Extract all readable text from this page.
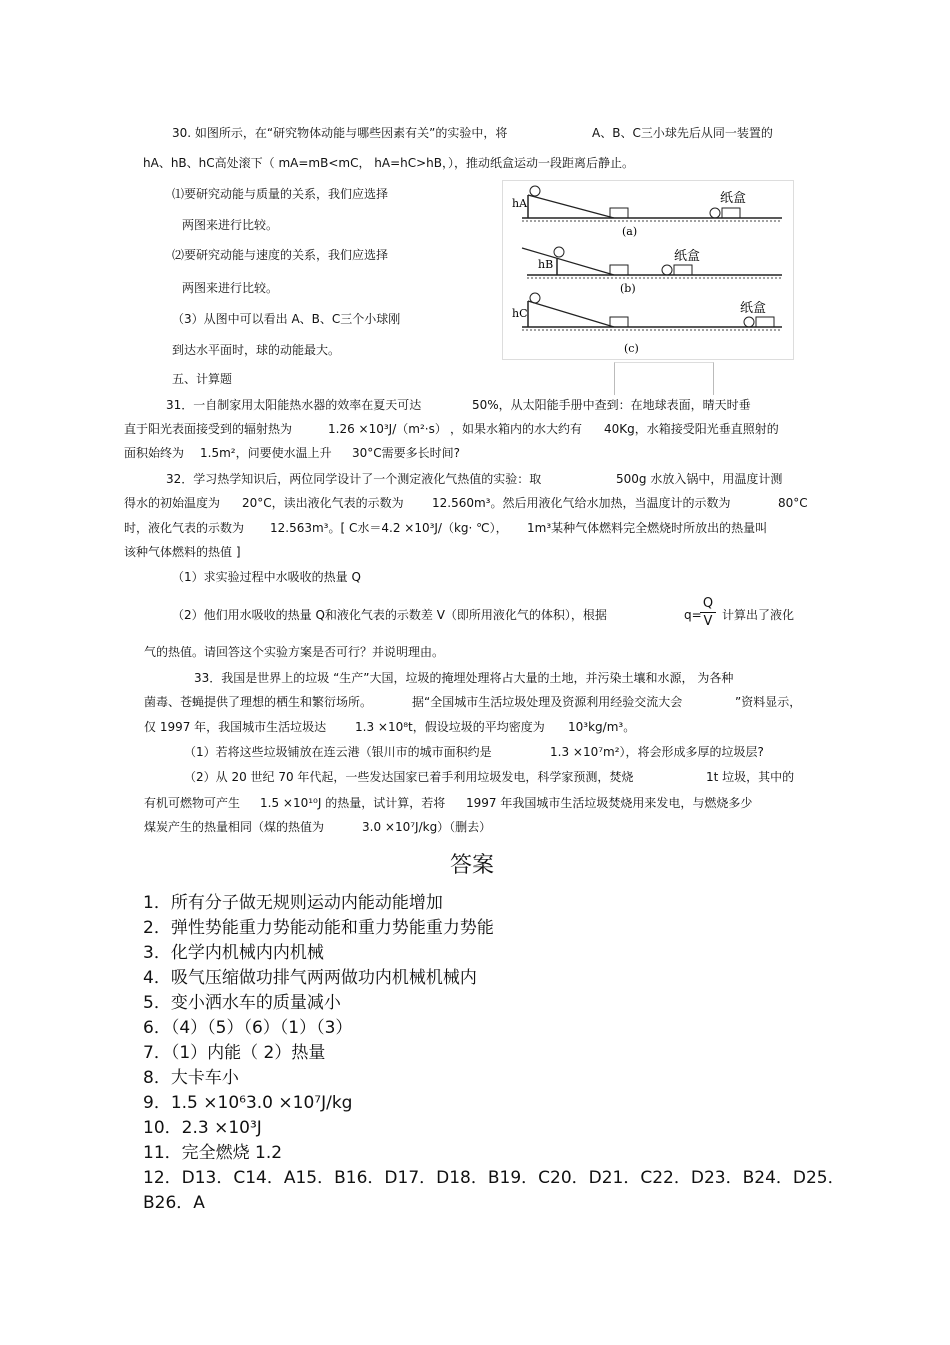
30. 如图所示，在“研究物体动能与哪些因素有关”的实验中，将	A、B、C三小球先后从同一装置的
hA、hB、hC高处滚下（ mA=mB<mC， hA=hC>hB，），推动纸盒运动一段距离后静止。
⑴要研究动能与质量的关系，我们应选择
两图来进行比较。
⑵要研究动能与速度的关系，我们应选择
两图来进行比较。
（3）从图中可以看出 A、B、C三个小球刚
到达水平面时，球的动能最大。
hA	纸盒
(a)
hB
纸盒
(b)
hC	纸盒
(c)
五、计算题
31．一自制家用太阳能热水器的效率在夏天可达	50%，从太阳能手册中查到：在地球表面，晴天时垂
直于阳光表面接受到的辐射热为	1.26 ×10³J/（m²·s） ，如果水箱内的水大约有 40Kg，水箱接受阳光垂直照射的
面积始终为 1.5m²，问要使水温上升 30°C需要多长时间?
32．学习热学知识后，两位同学设计了一个测定液化气热值的实验：取	500g 水放入锅中，用温度计测
得水的初始温度为 20°C，读出液化气表的示数为 12.560m³。然后用液化气给水加热，当温度计的示数为	80°C
时，液化气表的示数为 12.563m³。[ C水＝4.2 ×10³J/（kg· ℃）， 1m³某种气体燃料完全燃烧时所放出的热量叫
该种气体燃料的热值 ]
（1）求实验过程中水吸收的热量 Q
（2）他们用水吸收的热量 Q和液化气表的示数差 V（即所用液化气的体积），根据	q=
Q
V 计算出了液化
气的热值。请回答这个实验方案是否可行？并说明理由。
33．我国是世界上的垃圾 “生产”大国，垃圾的掩埋处理将占大量的土地，并污染土壤和水源， 为各种
菌毒、苍蝇提供了理想的栖生和繁衍场所。	据“全国城市生活垃圾处理及资源利用经验交流大会	”资料显示，
仅 1997 年，我国城市生活垃圾达 1.3 ×10⁸t，假设垃圾的平均密度为 10³kg/m³。
（1）若将这些垃圾铺放在连云港（银川市的城市面积约是	1.3 ×10⁷m²），将会形成多厚的垃圾层?
（2）从 20 世纪 70 年代起，一些发达国家已着手利用垃圾发电，科学家预测，焚烧	1t 垃圾，其中的
有机可燃物可产生 1.5 ×10¹⁰J 的热量，试计算，若将 1997 年我国城市生活垃圾焚烧用来发电，与燃烧多少
煤炭产生的热量相同（煤的热值为	3.0 ×10⁷J/kg）（删去）
答案
1．所有分子做无规则运动内能动能增加
2．弹性势能重力势能动能和重力势能重力势能
3．化学内机械内内机械
4．吸气压缩做功排气两两做功内机械机械内
5．变小洒水车的质量减小
6．（4）（5）（6）（1）（3）
7．（1）内能（ 2）热量
8．大卡车小
9．1.5 ×10⁶3.0 ×10⁷J/kg
10．2.3 ×10³J
11．完全燃烧 1.2
12．D13．C14．A15．B16．D17．D18．B19．C20．D21．C22．D23．B24．D25．
B26．A
